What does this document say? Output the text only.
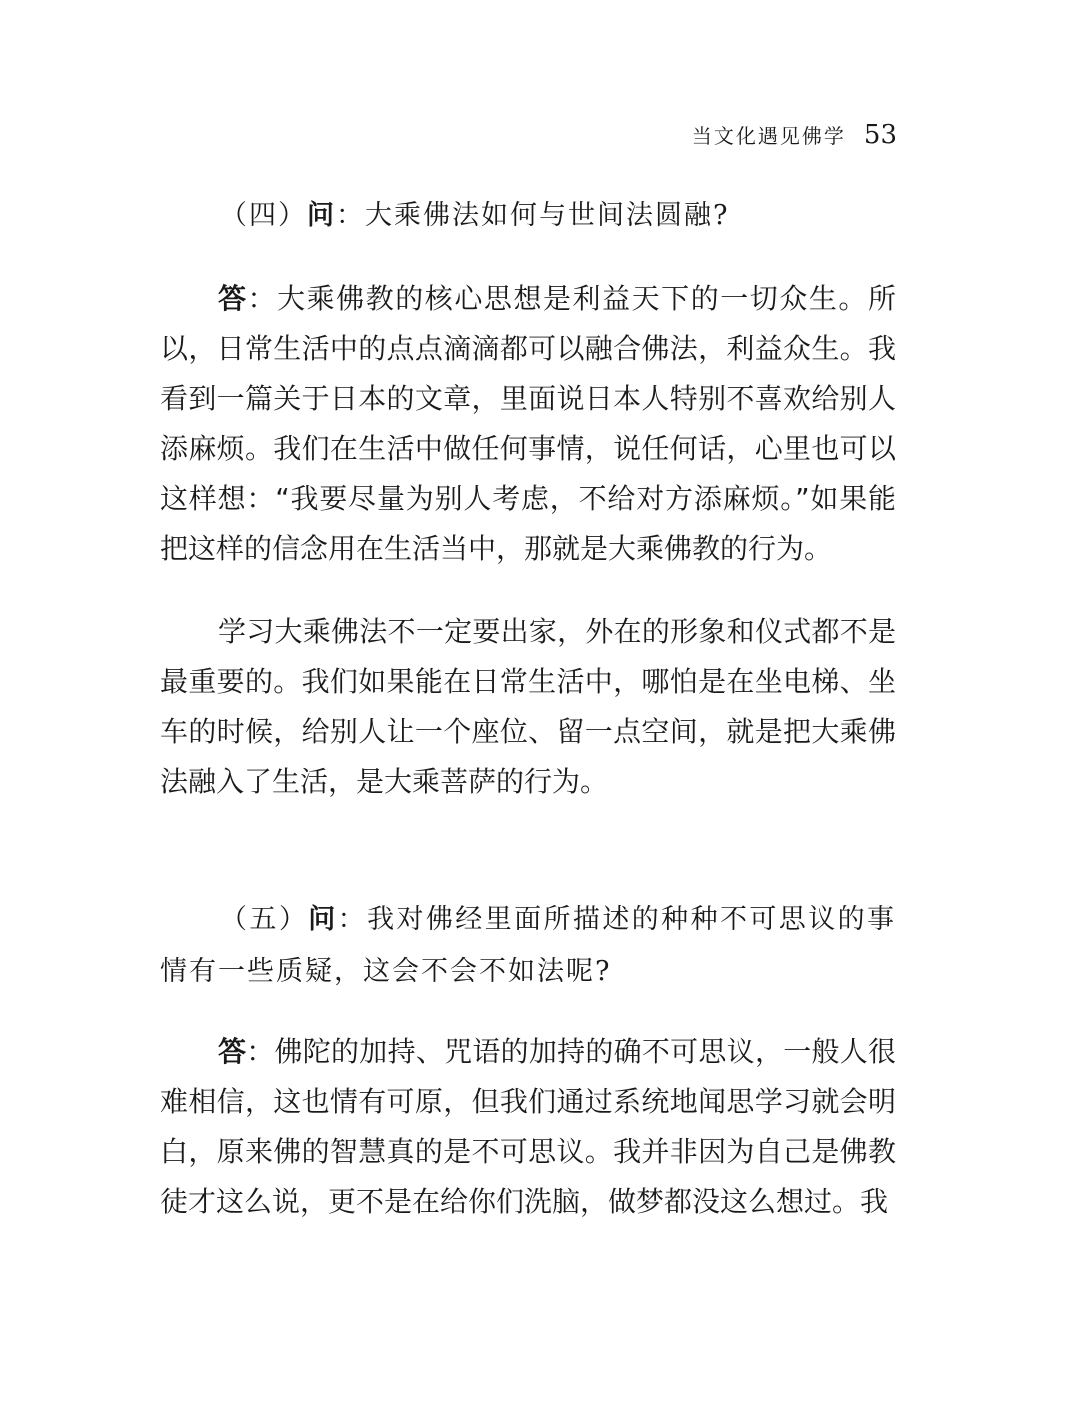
当文化遇见佛学 53

（四）问：大乘佛法如何与世间法圆融?

答：大乘佛教的核心思想是利益天下的一切众生。所以，日常生活中的点点滴滴都可以融合佛法，利益众生。我看到一篇关于日本的文章，里面说日本人特别不喜欢给别人添麻烦。我们在生活中做任何事情，说任何话，心里也可以这样想：“我要尽量为别人考虑，不给对方添麻烦。”如果能把这样的信念用在生活当中，那就是大乘佛教的行为。

学习大乘佛法不一定要出家，外在的形象和仪式都不是最重要的。我们如果能在日常生活中，哪怕是在坐电梯、坐车的时候，给别人让一个座位、留一点空间，就是把大乘佛法融入了生活，是大乘菩萨的行为。

（五）问：我对佛经里面所描述的种种不可思议的事情有一些质疑，这会不会不如法呢?

答：佛陀的加持、咒语的加持的确不可思议，一般人很难相信，这也情有可原，但我们通过系统地闻思学习就会明白，原来佛的智慧真的是不可思议。我并非因为自己是佛教徒才这么说，更不是在给你们洗脑，做梦都没这么想过。我
